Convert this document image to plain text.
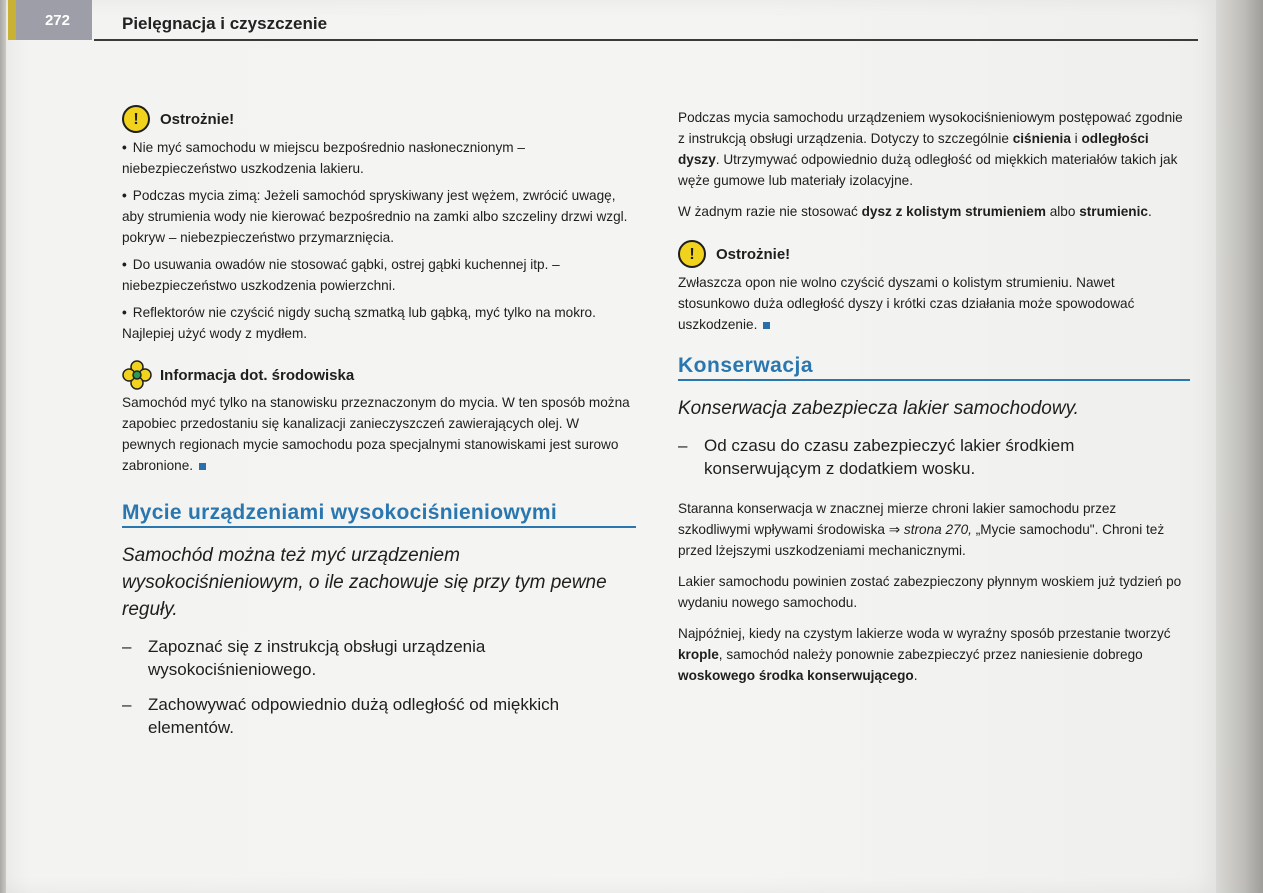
272	Pielęgnacja i czyszczenie
!	Ostrożnie!
• Nie myć samochodu w miejscu bezpośrednio nasłonecznionym – niebezpieczeństwo uszkodzenia lakieru.
• Podczas mycia zimą: Jeżeli samochód spryskiwany jest wężem, zwrócić uwagę, aby strumienia wody nie kierować bezpośrednio na zamki albo szczeliny drzwi wzgl. pokryw – niebezpieczeństwo przymarznięcia.
• Do usuwania owadów nie stosować gąbki, ostrej gąbki kuchennej itp. – niebezpieczeństwo uszkodzenia powierzchni.
• Reflektorów nie czyścić nigdy suchą szmatką lub gąbką, myć tylko na mokro. Najlepiej użyć wody z mydłem.
Informacja dot. środowiska

Samochód myć tylko na stanowisku przeznaczonym do mycia. W ten sposób można zapobiec przedostaniu się kanalizacji zanieczyszczeń zawierających olej. W pewnych regionach mycie samochodu poza specjalnymi stanowiskami jest surowo zabronione.

Mycie urządzeniami wysokociśnieniowymi
Samochód można też myć urządzeniem wysokociśnieniowym, o ile zachowuje się przy tym pewne reguły.
– Zapoznać się z instrukcją obsługi urządzenia wysokociśnieniowego.
– Zachowywać odpowiednio dużą odległość od miękkich elementów.

Podczas mycia samochodu urządzeniem wysokociśnieniowym postępować zgodnie z instrukcją obsługi urządzenia. Dotyczy to szczególnie ciśnienia i odległości dyszy. Utrzymywać odpowiednio dużą odległość od miękkich materiałów takich jak węże gumowe lub materiały izolacyjne.

W żadnym razie nie stosować dysz z kolistym strumieniem albo strumienic.

!	Ostrożnie!

Zwłaszcza opon nie wolno czyścić dyszami o kolistym strumieniu. Nawet stosunkowo duża odległość dyszy i krótki czas działania może spowodować uszkodzenie.

Konserwacja
Konserwacja zabezpiecza lakier samochodowy.
– Od czasu do czasu zabezpieczyć lakier środkiem konserwującym z dodatkiem wosku.

Staranna konserwacja w znacznej mierze chroni lakier samochodu przez szkodliwymi wpływami środowiska ⇒ strona 270, „Mycie samochodu". Chroni też przed lżejszymi uszkodzeniami mechanicznymi.

Lakier samochodu powinien zostać zabezpieczony płynnym woskiem już tydzień po wydaniu nowego samochodu.

Najpóźniej, kiedy na czystym lakierze woda w wyraźny sposób przestanie tworzyć krople, samochód należy ponownie zabezpieczyć przez naniesienie dobrego woskowego środka konserwującego.
